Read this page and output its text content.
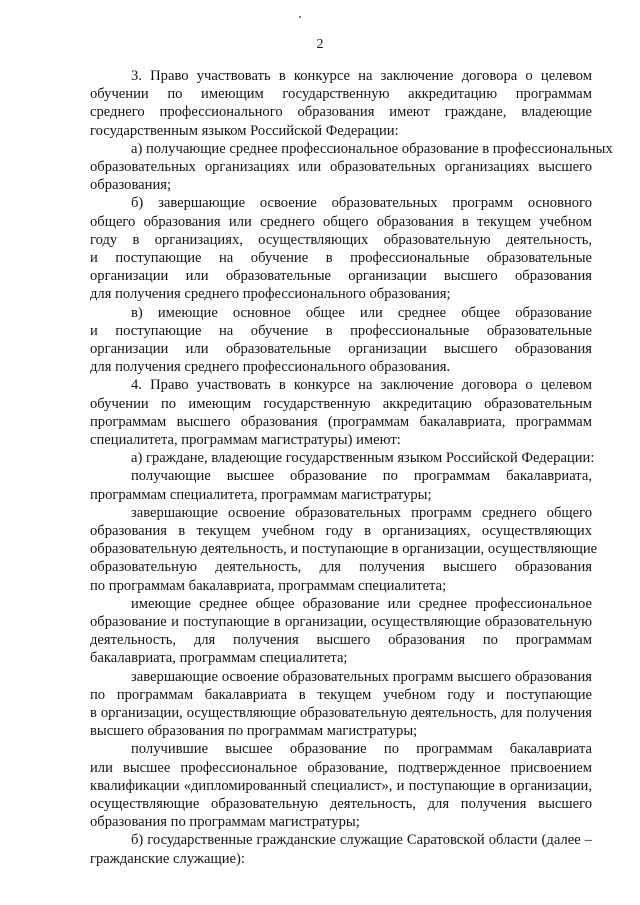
2
3. Право участвовать в конкурсе на заключение договора о целевом
обучении по имеющим государственную аккредитацию программам
среднего профессионального образования имеют граждане, владеющие
государственным языком Российской Федерации:
а) получающие среднее профессиональное образование в профессиональных
образовательных организациях или образовательных организациях высшего
образования;
б) завершающие освоение образовательных программ основного
общего образования или среднего общего образования в текущем учебном
году в организациях, осуществляющих образовательную деятельность,
и поступающие на обучение в профессиональные образовательные
организации или образовательные организации высшего образования
для получения среднего профессионального образования;
в) имеющие основное общее или среднее общее образование
и поступающие на обучение в профессиональные образовательные
организации или образовательные организации высшего образования
для получения среднего профессионального образования.
4. Право участвовать в конкурсе на заключение договора о целевом
обучении по имеющим государственную аккредитацию образовательным
программам высшего образования (программам бакалавриата, программам
специалитета, программам магистратуры) имеют:
а) граждане, владеющие государственным языком Российской Федерации:
получающие высшее образование по программам бакалавриата,
программам специалитета, программам магистратуры;
завершающие освоение образовательных программ среднего общего
образования в текущем учебном году в организациях, осуществляющих
образовательную деятельность, и поступающие в организации, осуществляющие
образовательную деятельность, для получения высшего образования
по программам бакалавриата, программам специалитета;
имеющие среднее общее образование или среднее профессиональное
образование и поступающие в организации, осуществляющие образовательную
деятельность, для получения высшего образования по программам
бакалавриата, программам специалитета;
завершающие освоение образовательных программ высшего образования
по программам бакалавриата в текущем учебном году и поступающие
в организации, осуществляющие образовательную деятельность, для получения
высшего образования по программам магистратуры;
получившие высшее образование по программам бакалавриата
или высшее профессиональное образование, подтвержденное присвоением
квалификации «дипломированный специалист», и поступающие в организации,
осуществляющие образовательную деятельность, для получения высшего
образования по программам магистратуры;
б) государственные гражданские служащие Саратовской области (далее –
гражданские служащие):
